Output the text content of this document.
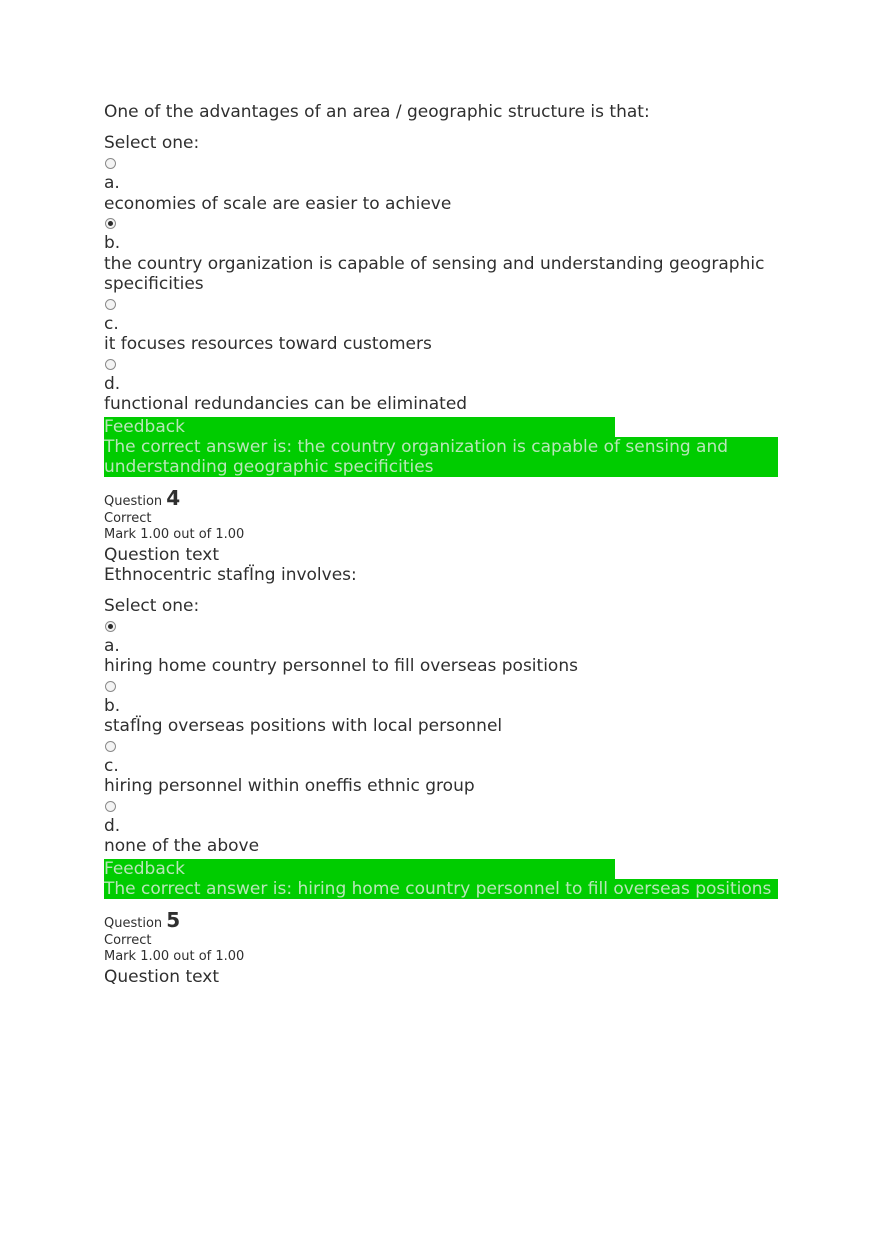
One of the advantages of an area / geographic structure is that:

Select one:
a.
economies of scale are easier to achieve
b.
the country organization is capable of sensing and understanding geographic specificities
c.
it focuses resources toward customers
d.
functional redundancies can be eliminated
Feedback
The correct answer is: the country organization is capable of sensing and understanding geographic specificities
Question 4
Correct
Mark 1.00 out of 1.00
Question text

Ethnocentric stafÏng involves:

Select one:
a.
hiring home country personnel to fill overseas positions
b.
stafÏng overseas positions with local personnel
c.
hiring personnel within oneffis ethnic group
d.
none of the above
Feedback
The correct answer is: hiring home country personnel to fill overseas positions
Question 5
Correct
Mark 1.00 out of 1.00
Question text
